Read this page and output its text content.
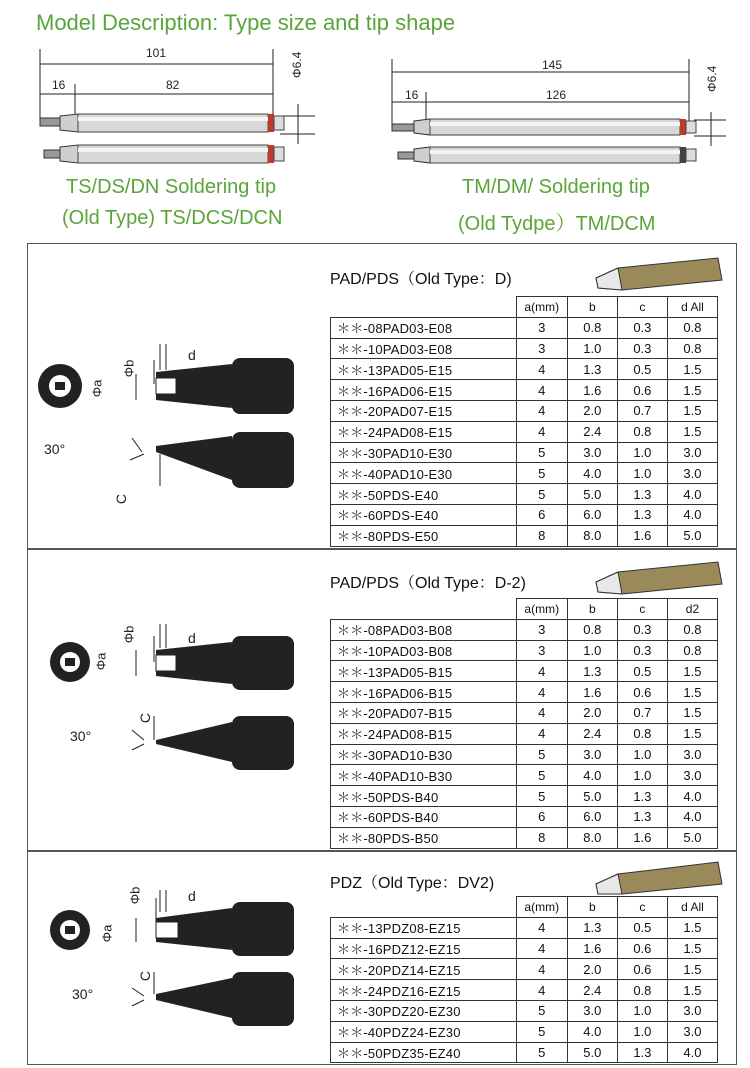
Model Description: Type size and tip shape
101
16	82
Φ6.4
TS/DS/DN Soldering tip
(Old Type) TS/DCS/DCN
145
16	126
Φ6.4
TM/DM/ Soldering tip
(Old Tydpe）TM/DCM
PAD/PDS（Old Type：D)
d
Φb
Φa
30°
C
	a(mm)	b	c	d All
＊＊-08PAD03-E08	3	0.8	0.3	0.8
＊＊-10PAD03-E08	3	1.0	0.3	0.8
＊＊-13PAD05-E15	4	1.3	0.5	1.5
＊＊-16PAD06-E15	4	1.6	0.6	1.5
＊＊-20PAD07-E15	4	2.0	0.7	1.5
＊＊-24PAD08-E15	4	2.4	0.8	1.5
＊＊-30PAD10-E30	5	3.0	1.0	3.0
＊＊-40PAD10-E30	5	4.0	1.0	3.0
＊＊-50PDS-E40	5	5.0	1.3	4.0
＊＊-60PDS-E40	6	6.0	1.3	4.0
＊＊-80PDS-E50	8	8.0	1.6	5.0
PAD/PDS（Old Type：D-2)
d
Φb
Φa
30°
C
	a(mm)	b	c	d2
＊＊-08PAD03-B08	3	0.8	0.3	0.8
＊＊-10PAD03-B08	3	1.0	0.3	0.8
＊＊-13PAD05-B15	4	1.3	0.5	1.5
＊＊-16PAD06-B15	4	1.6	0.6	1.5
＊＊-20PAD07-B15	4	2.0	0.7	1.5
＊＊-24PAD08-B15	4	2.4	0.8	1.5
＊＊-30PAD10-B30	5	3.0	1.0	3.0
＊＊-40PAD10-B30	5	4.0	1.0	3.0
＊＊-50PDS-B40	5	5.0	1.3	4.0
＊＊-60PDS-B40	6	6.0	1.3	4.0
＊＊-80PDS-B50	8	8.0	1.6	5.0
PDZ（Old Type：DV2)
d
Φb
Φa
30°
C
	a(mm)	b	c	d All
＊＊-13PDZ08-EZ15	4	1.3	0.5	1.5
＊＊-16PDZ12-EZ15	4	1.6	0.6	1.5
＊＊-20PDZ14-EZ15	4	2.0	0.6	1.5
＊＊-24PDZ16-EZ15	4	2.4	0.8	1.5
＊＊-30PDZ20-EZ30	5	3.0	1.0	3.0
＊＊-40PDZ24-EZ30	5	4.0	1.0	3.0
＊＊-50PDZ35-EZ40	5	5.0	1.3	4.0
